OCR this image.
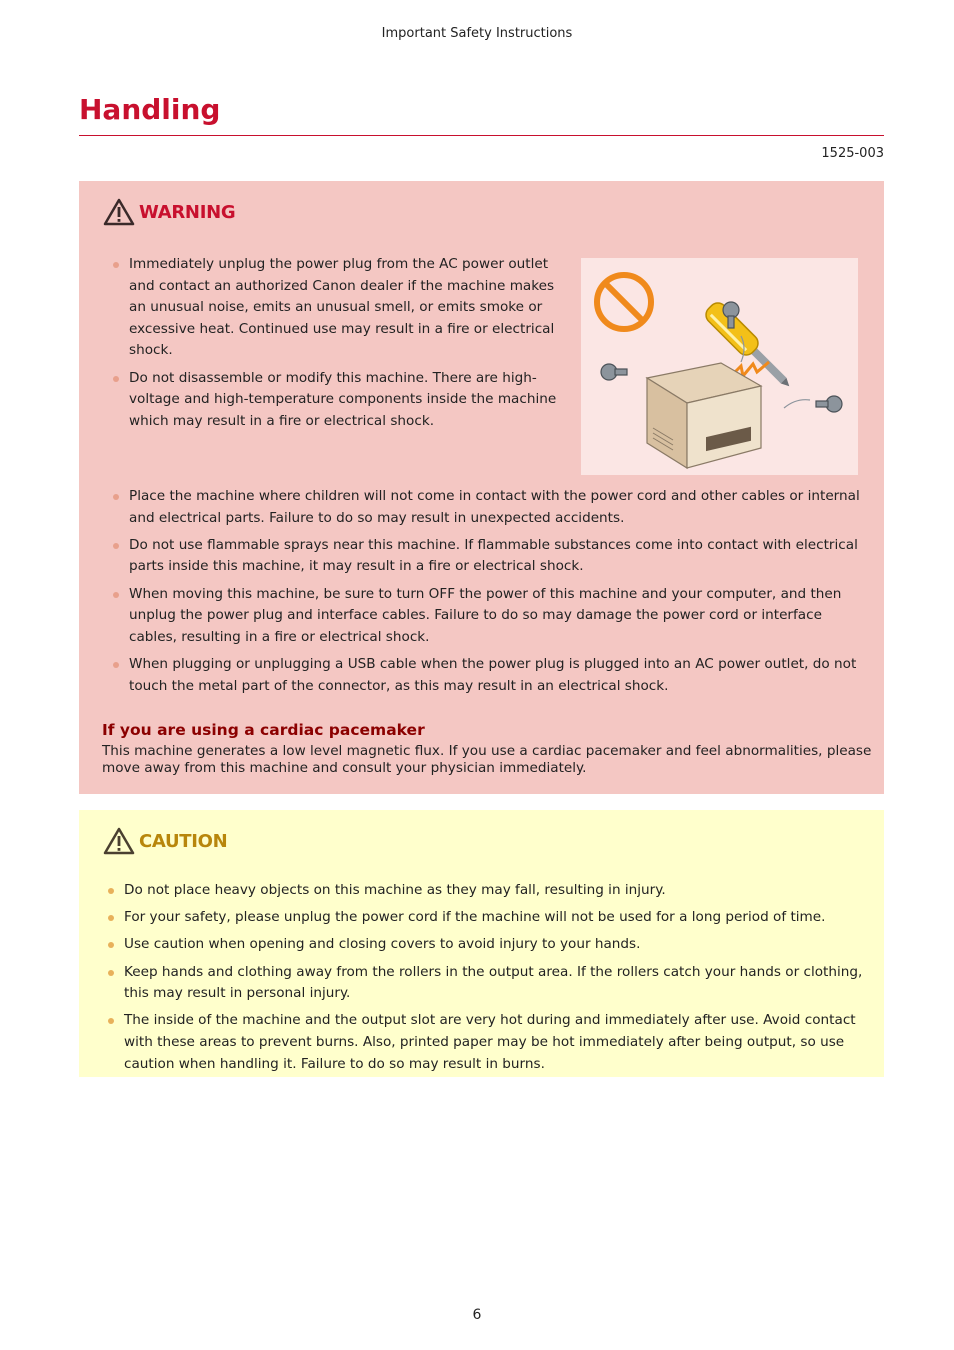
Important Safety Instructions
Handling
1525-003
WARNING
Immediately unplug the power plug from the AC power outlet and contact an authorized Canon dealer if the machine makes an unusual noise, emits an unusual smell, or emits smoke or excessive heat. Continued use may result in a fire or electrical shock.
Do not disassemble or modify this machine. There are high-voltage and high-temperature components inside the machine which may result in a fire or electrical shock.
Place the machine where children will not come in contact with the power cord and other cables or internal and electrical parts. Failure to do so may result in unexpected accidents.
Do not use flammable sprays near this machine. If flammable substances come into contact with electrical parts inside this machine, it may result in a fire or electrical shock.
When moving this machine, be sure to turn OFF the power of this machine and your computer, and then unplug the power plug and interface cables. Failure to do so may damage the power cord or interface cables, resulting in a fire or electrical shock.
When plugging or unplugging a USB cable when the power plug is plugged into an AC power outlet, do not touch the metal part of the connector, as this may result in an electrical shock.
If you are using a cardiac pacemaker
This machine generates a low level magnetic flux. If you use a cardiac pacemaker and feel abnormalities, please move away from this machine and consult your physician immediately.
CAUTION
Do not place heavy objects on this machine as they may fall, resulting in injury.
For your safety, please unplug the power cord if the machine will not be used for a long period of time.
Use caution when opening and closing covers to avoid injury to your hands.
Keep hands and clothing away from the rollers in the output area. If the rollers catch your hands or clothing, this may result in personal injury.
The inside of the machine and the output slot are very hot during and immediately after use. Avoid contact with these areas to prevent burns. Also, printed paper may be hot immediately after being output, so use caution when handling it. Failure to do so may result in burns.
6
